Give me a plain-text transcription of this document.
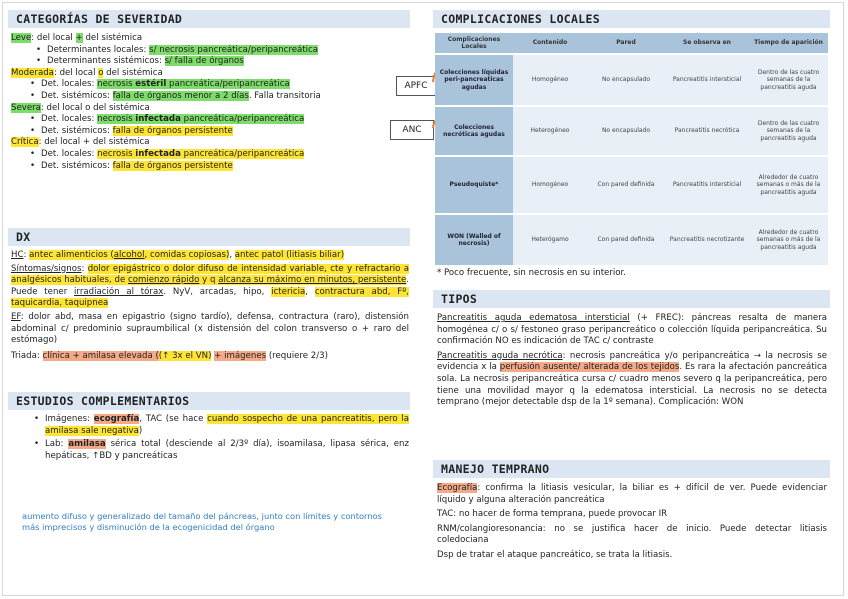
CATEGORÍAS DE SEVERIDAD
Leve: del local + del sistémica
• Determinantes locales: s/ necrosis pancreática/peripancreática
• Determinantes sistémicos: s/ falla de órganos
Moderada: del local o del sistémica
• Det. locales: necrosis estéril pancreática/peripancreática
• Det. sistémicos: falla de órganos menor a 2 días. Falla transitoria
Severa: del local o del sistémica
• Det. locales: necrosis infectada pancreática/peripancreática
• Det. sistémicos: falla de órganos persistente
Crítica: del local + del sistémica
• Det. locales: necrosis infectada pancreática/peripancreática
• Det. sistémicos: falla de órganos persistente
DX
HC: antec alimenticios (alcohol, comidas copiosas), antec patol (litiasis biliar)
Síntomas/signos: dolor epigástrico o dolor difuso de intensidad variable, cte y refractario a analgésicos habituales, de comienzo rápido y q alcanza su máximo en minutos, persistente. Puede tener irradiación al tórax. NyV, arcadas, hipo, ictericia, contractura abd, Fº, taquicardia, taquipnea
EF: dolor abd, masa en epigastrio (signo tardío), defensa, contractura (raro), distensión abdominal c/ predominio supraumbilical (x distensión del colon transverso o + raro del estómago)
Triada: clínica + amilasa elevada ((↑ 3x el VN) + imágenes (requiere 2/3)
ESTUDIOS COMPLEMENTARIOS
• Imágenes: ecografía, TAC (se hace cuando sospecho de una pancreatitis, pero la amilasa sale negativa)
• Lab: amilasa sérica total (desciende al 2/3º día), isoamilasa, lipasa sérica, enz hepáticas, ↑BD y pancreáticas
aumento difuso y generalizado del tamaño del páncreas, junto con límites y contornos más imprecisos y disminución de la ecogenicidad del órgano
COMPLICACIONES LOCALES
APFC
ANC
Complicaciones Locales	Contenido	Pared	Se observa en	Tiempo de aparición
Colecciones líquidas peri-pancreaticas agudas	Homogéneo	No encapsulado	Pancreatitis intersticial	Dentro de las cuatro semanas de la pancreatitis aguda
Colecciones necróticas agudas	Heterogéneo	No encapsulado	Pancreatitis necrótica	Dentro de las cuatro semanas de la pancreatitis aguda
Pseudoquiste*	Homogéneo	Con pared definida	Pancreatitis intersticial	Alrededor de cuatro semanas o más de la pancreatitis aguda
WON (Walled of necrosis)	Heterógamo	Con pared definida	Pancreatitis necrotizante	Alrededor de cuatro semanas o más de la pancreatitis aguda
* Poco frecuente, sin necrosis en su interior.
TIPOS
Pancreatitis aguda edematosa intersticial (+ FREC): páncreas resalta de manera homogénea c/ o s/ festoneo graso peripancreático o colección líquida peripancreática. Su confirmación NO es indicación de TAC c/ contraste
Pancreatitis aguda necrótica: necrosis pancreática y/o peripancreática → la necrosis se evidencia x la perfusión ausente/ alterada de los tejidos. Es rara la afectación pancreática sola. La necrosis peripancreática cursa c/ cuadro menos severo q la peripancreática, pero tiene una movilidad mayor q la edematosa intersticial. La necrosis no se detecta temprano (mejor detectable dsp de la 1º semana). Complicación: WON
MANEJO TEMPRANO
Ecografía: confirma la litiasis vesicular, la biliar es + difícil de ver. Puede evidenciar líquido y alguna alteración pancreática
TAC: no hacer de forma temprana, puede provocar IR
RNM/colangioresonancia: no se justifica hacer de inicio. Puede detectar litiasis coledociana
Dsp de tratar el ataque pancreático, se trata la litiasis.
